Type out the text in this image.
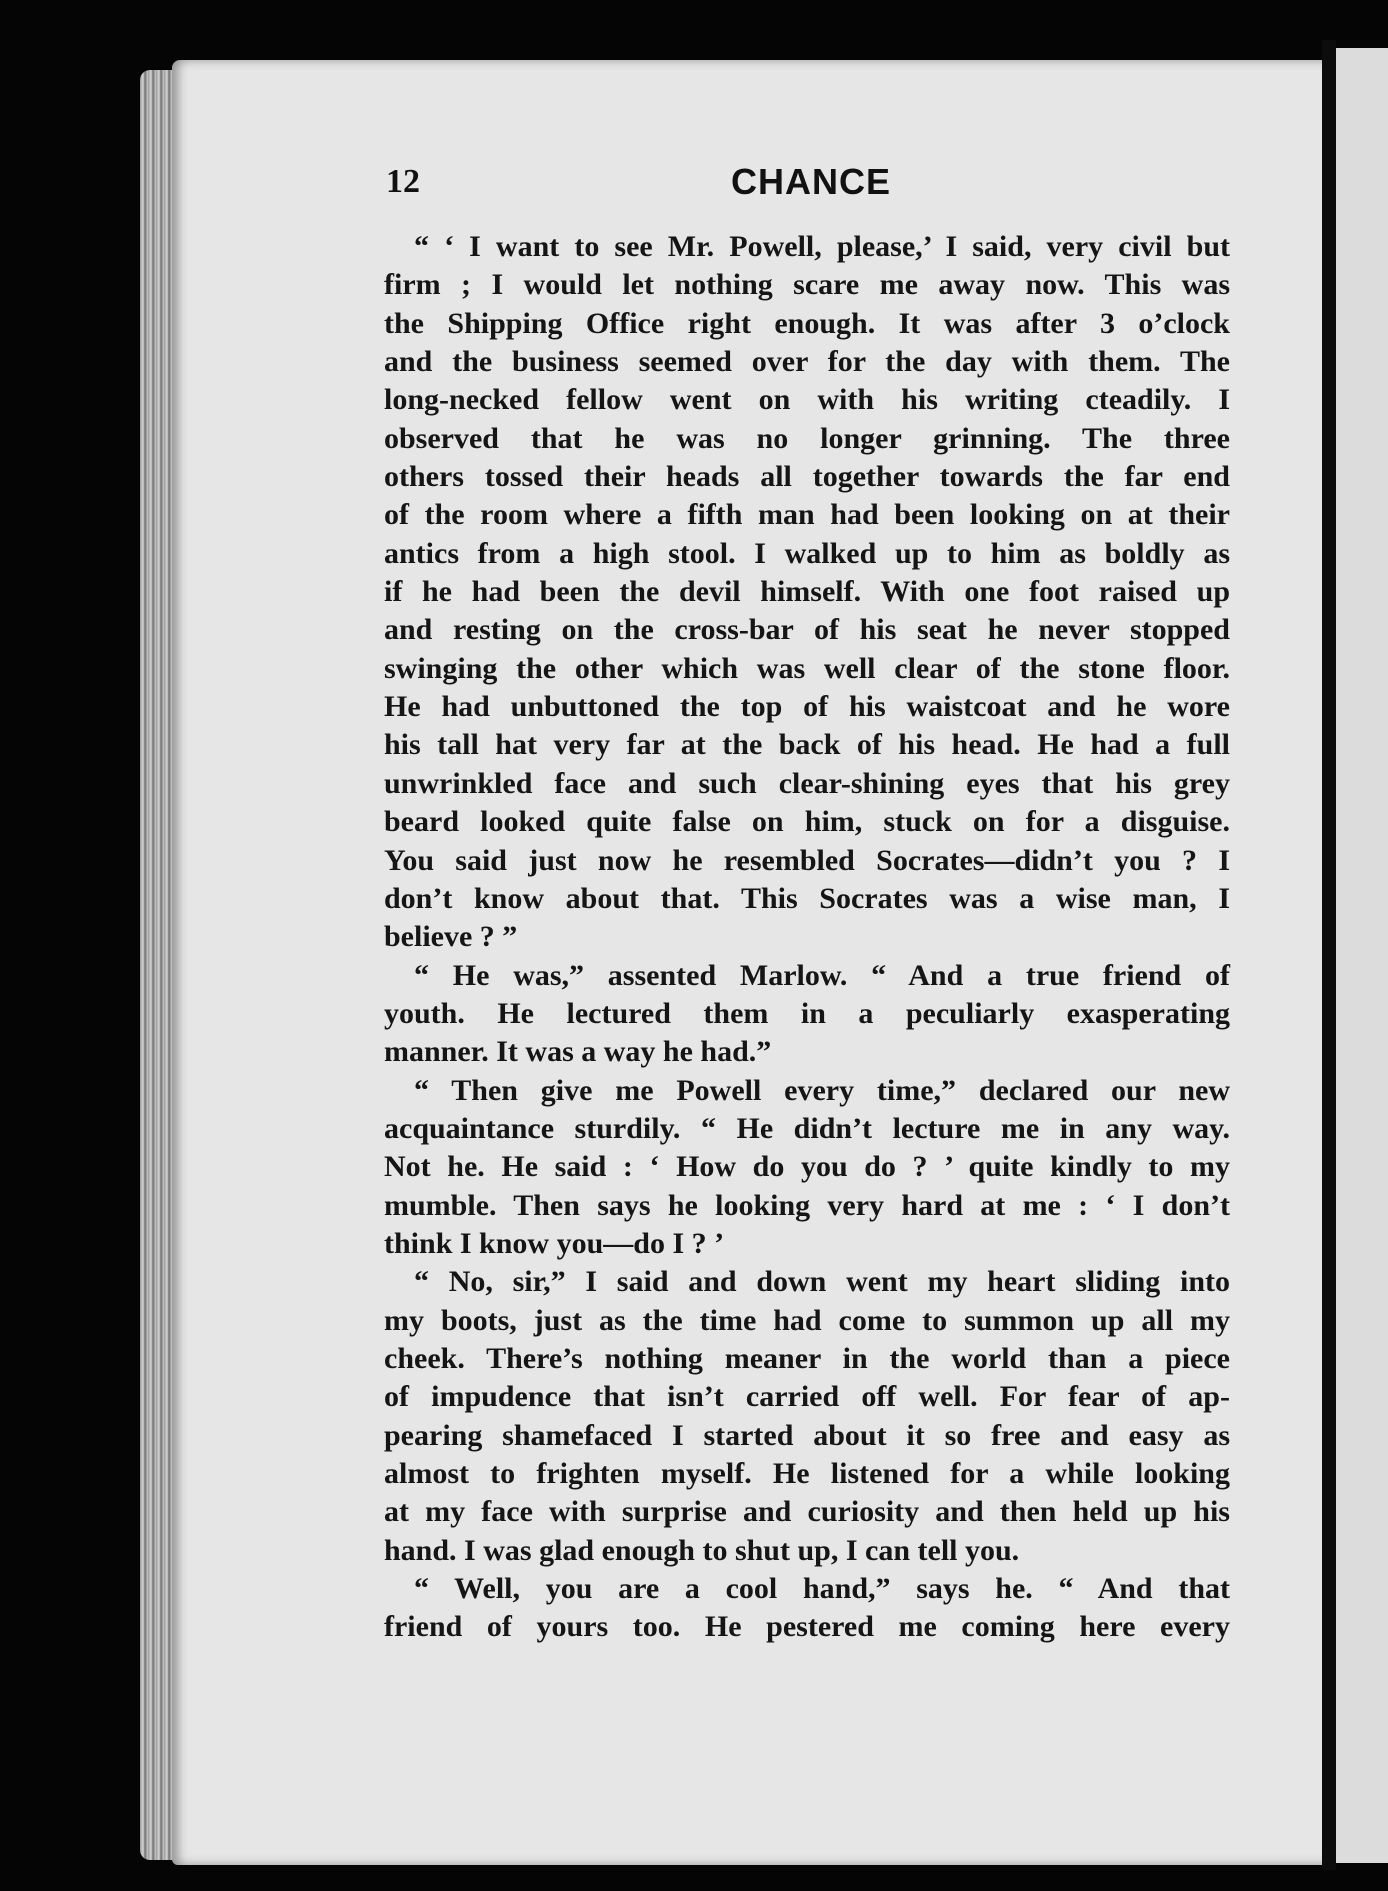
12	CHANCE
“ ‘ I want to see Mr. Powell, please,’ I said, very civil but
firm ; I would let nothing scare me away now. This was
the Shipping Office right enough. It was after 3 o’clock
and the business seemed over for the day with them. The
long-necked fellow went on with his writing cteadily. I
observed that he was no longer grinning. The three
others tossed their heads all together towards the far end
of the room where a fifth man had been looking on at their
antics from a high stool. I walked up to him as boldly as
if he had been the devil himself. With one foot raised up
and resting on the cross-bar of his seat he never stopped
swinging the other which was well clear of the stone floor.
He had unbuttoned the top of his waistcoat and he wore
his tall hat very far at the back of his head. He had a full
unwrinkled face and such clear-shining eyes that his grey
beard looked quite false on him, stuck on for a disguise.
You said just now he resembled Socrates—didn’t you ? I
don’t know about that. This Socrates was a wise man, I
believe ? ”
“ He was,” assented Marlow. “ And a true friend of
youth. He lectured them in a peculiarly exasperating
manner. It was a way he had.”
“ Then give me Powell every time,” declared our new
acquaintance sturdily. “ He didn’t lecture me in any way.
Not he. He said : ‘ How do you do ? ’ quite kindly to my
mumble. Then says he looking very hard at me : ‘ I don’t
think I know you—do I ? ’
“ No, sir,” I said and down went my heart sliding into
my boots, just as the time had come to summon up all my
cheek. There’s nothing meaner in the world than a piece
of impudence that isn’t carried off well. For fear of ap-
pearing shamefaced I started about it so free and easy as
almost to frighten myself. He listened for a while looking
at my face with surprise and curiosity and then held up his
hand. I was glad enough to shut up, I can tell you.
“ Well, you are a cool hand,” says he. “ And that
friend of yours too. He pestered me coming here every
